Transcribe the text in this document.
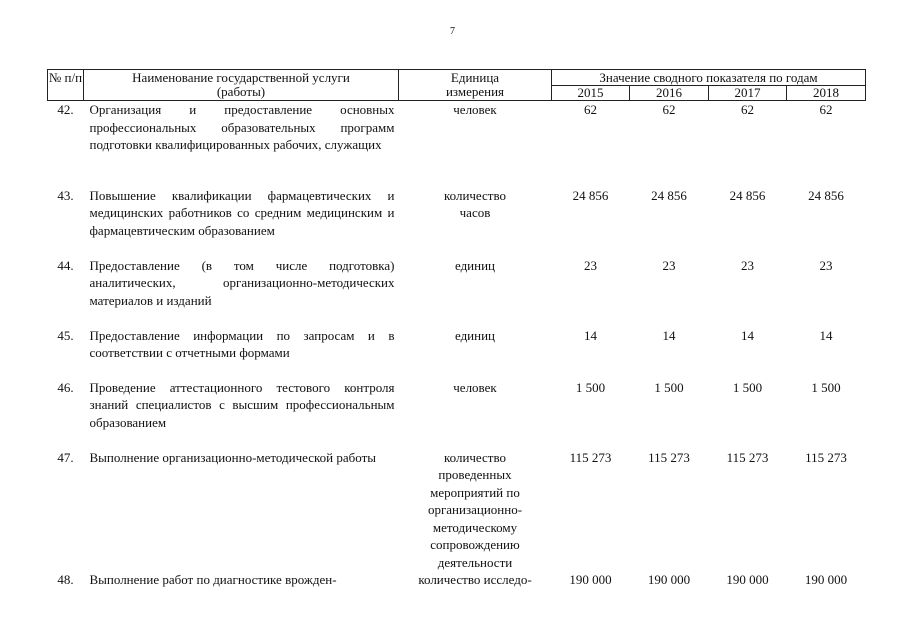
7
№ п/п	Наименование государственной услуги (работы)	Единица измерения	Значение сводного показателя по годам			
			2015	2016	2017	2018
42.	Организация и предоставление основных профессиональных образовательных программ подготовки квалифицированных рабочих, служащих	человек	62	62	62	62
43.	Повышение квалификации фармацевтических и медицинских работников со средним медицинским и фармацевтическим образованием	количество часов	24 856	24 856	24 856	24 856
44.	Предоставление (в том числе подготовка) аналитических, организационно-методических материалов и изданий	единиц	23	23	23	23
45.	Предоставление информации по запросам и в соответствии с отчетными формами	единиц	14	14	14	14
46.	Проведение аттестационного тестового контроля знаний специалистов с высшим профессиональным образованием	человек	1 500	1 500	1 500	1 500
47.	Выполнение организационно-методической работы	количество проведенных мероприятий по организационно-методическому сопровождению деятельности	115 273	115 273	115 273	115 273
48.	Выполнение работ по диагностике врожден-	количество исследо-	190 000	190 000	190 000	190 000
